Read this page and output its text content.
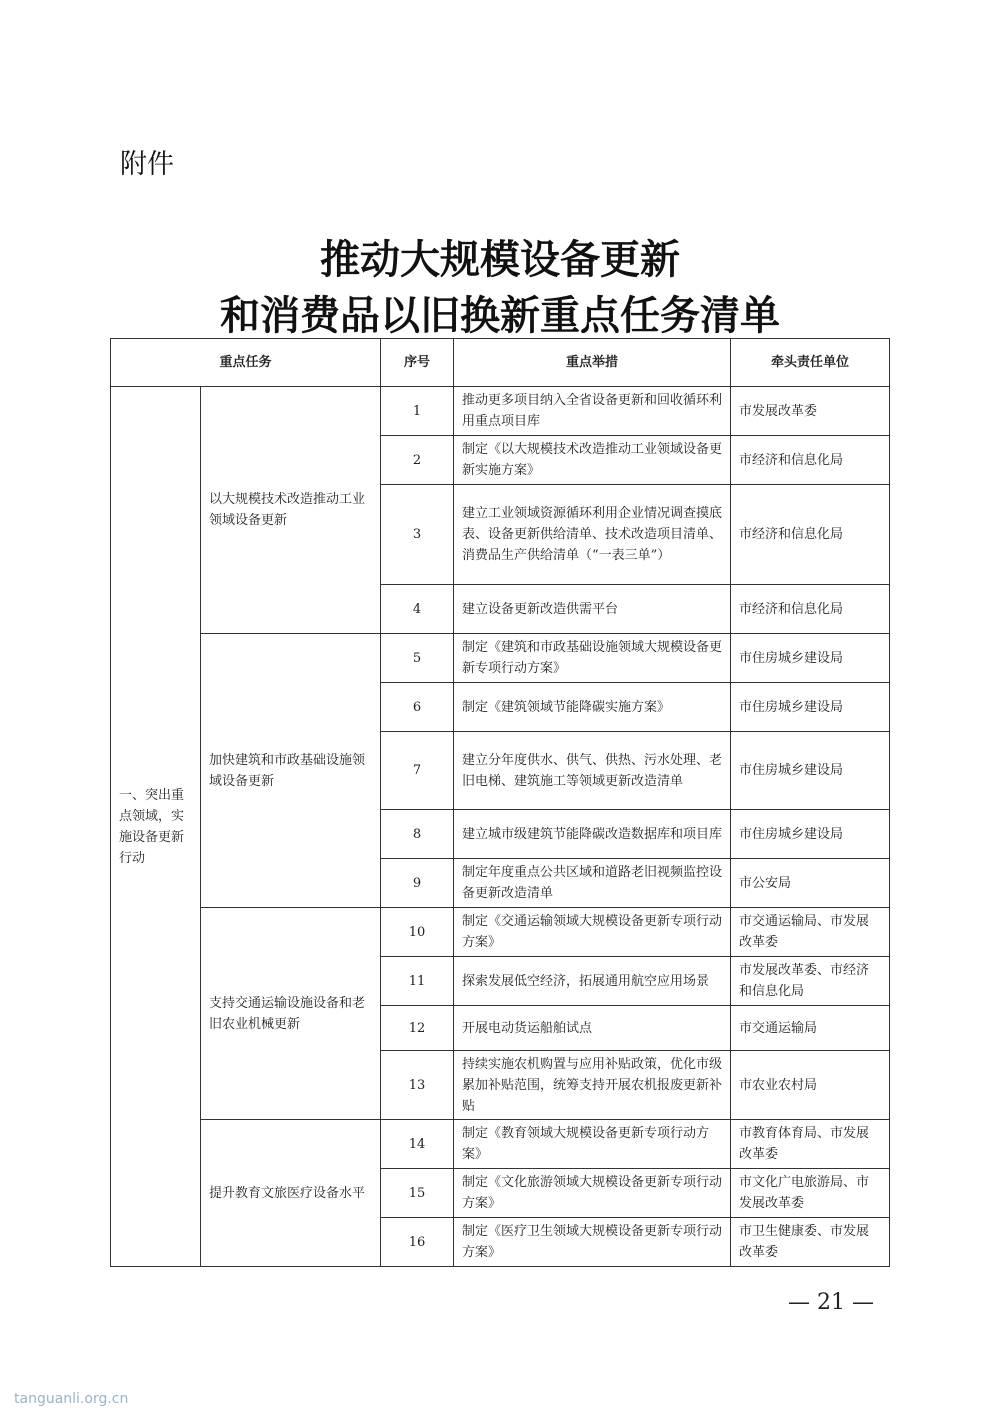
附件
推动大规模设备更新
和消费品以旧换新重点任务清单
重点任务		序号	重点举措	牵头责任单位
一、突出重点领域，实施设备更新行动	以大规模技术改造推动工业领域设备更新	1	推动更多项目纳入全省设备更新和回收循环利用重点项目库	市发展改革委
		2	制定《以大规模技术改造推动工业领域设备更新实施方案》	市经济和信息化局
		3	建立工业领域资源循环利用企业情况调查摸底表、设备更新供给清单、技术改造项目清单、消费品生产供给清单（“一表三单”）	市经济和信息化局
		4	建立设备更新改造供需平台	市经济和信息化局
	加快建筑和市政基础设施领域设备更新	5	制定《建筑和市政基础设施领域大规模设备更新专项行动方案》	市住房城乡建设局
		6	制定《建筑领域节能降碳实施方案》	市住房城乡建设局
		7	建立分年度供水、供气、供热、污水处理、老旧电梯、建筑施工等领域更新改造清单	市住房城乡建设局
		8	建立城市级建筑节能降碳改造数据库和项目库	市住房城乡建设局
		9	制定年度重点公共区域和道路老旧视频监控设备更新改造清单	市公安局
	支持交通运输设施设备和老旧农业机械更新	10	制定《交通运输领域大规模设备更新专项行动方案》	市交通运输局、市发展改革委
		11	探索发展低空经济，拓展通用航空应用场景	市发展改革委、市经济和信息化局
		12	开展电动货运船舶试点	市交通运输局
		13	持续实施农机购置与应用补贴政策，优化市级累加补贴范围，统筹支持开展农机报废更新补贴	市农业农村局
	提升教育文旅医疗设备水平	14	制定《教育领域大规模设备更新专项行动方案》	市教育体育局、市发展改革委
		15	制定《文化旅游领域大规模设备更新专项行动方案》	市文化广电旅游局、市发展改革委
		16	制定《医疗卫生领域大规模设备更新专项行动方案》	市卫生健康委、市发展改革委
— 21 —
tanguanli.org.cn
